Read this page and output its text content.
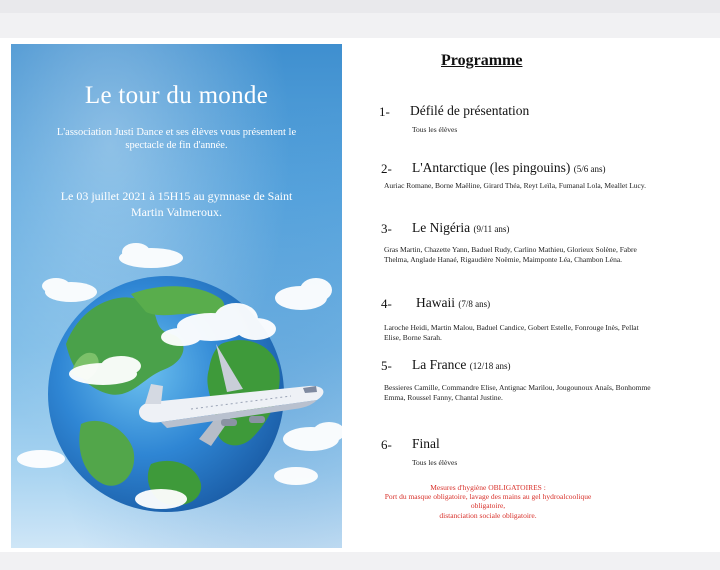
Le tour du monde
L'association Justi Dance et ses élèves vous présentent le spectacle de fin d'année.
Le 03 juillet 2021 à 15H15 au gymnase de Saint Martin Valmeroux.
Programme
1- Défilé de présentation
Tous les élèves
2- L'Antarctique (les pingouins) (5/6 ans)
Auriac Romane, Borne Maëline, Girard Théa, Reyt Leïla, Fumanal Lola, Meallet Lucy.
3- Le Nigéria (9/11 ans)
Gras Martin, Chazette Yann, Baduel Rudy, Carlino Mathieu, Glorieux Solène, Fabre Thelma, Anglade Hanaé, Rigaudière Noëmie, Maimponte Léa, Chambon Léna.
4- Hawaii (7/8 ans)
Laroche Heidi, Martin Malou, Baduel Candice, Gobert Estelle, Fonrouge Inès, Pellat Elise, Borne Sarah.
5- La France (12/18 ans)
Bessieres Camille, Commandre Elise, Antignac Marilou, Jougounoux Anaïs, Bonhomme Emma, Roussel Fanny, Chantal Justine.
6- Final
Tous les élèves
Mesures d'hygiène OBLIGATOIRES :
Port du masque obligatoire, lavage des mains au gel hydroalcoolique obligatoire,
distanciation sociale obligatoire.
